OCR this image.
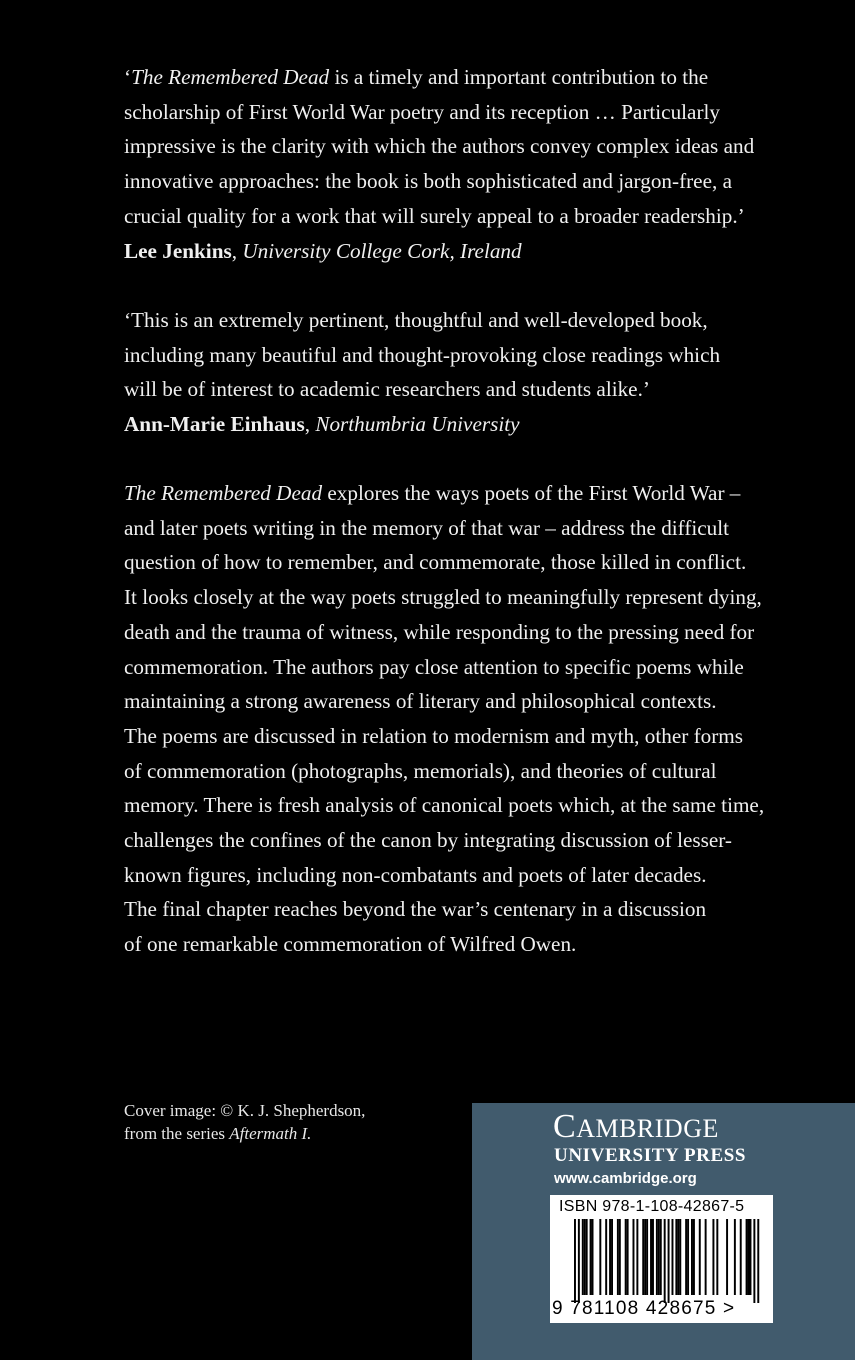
‘The Remembered Dead is a timely and important contribution to the
scholarship of First World War poetry and its reception … Particularly
impressive is the clarity with which the authors convey complex ideas and
innovative approaches: the book is both sophisticated and jargon-free, a
crucial quality for a work that will surely appeal to a broader readership.’

Lee Jenkins, University College Cork, Ireland

‘This is an extremely pertinent, thoughtful and well-developed book,
including many beautiful and thought-provoking close readings which
will be of interest to academic researchers and students alike.’

Ann-Marie Einhaus, Northumbria University

The Remembered Dead explores the ways poets of the First World War –
and later poets writing in the memory of that war – address the difficult
question of how to remember, and commemorate, those killed in conflict.
It looks closely at the way poets struggled to meaningfully represent dying,
death and the trauma of witness, while responding to the pressing need for
commemoration. The authors pay close attention to specific poems while
maintaining a strong awareness of literary and philosophical contexts.
The poems are discussed in relation to modernism and myth, other forms
of commemoration (photographs, memorials), and theories of cultural
memory. There is fresh analysis of canonical poets which, at the same time,
challenges the confines of the canon by integrating discussion of lesser-
known figures, including non-combatants and poets of later decades.
The final chapter reaches beyond the war’s centenary in a discussion
of one remarkable commemoration of Wilfred Owen.

Cover image: © K. J. Shepherdson,
from the series Aftermath I.	CAMBRIDGE
UNIVERSITY PRESS
www.cambridge.org
ISBN 978-1-108-42867-5
9 781108 428675 >
